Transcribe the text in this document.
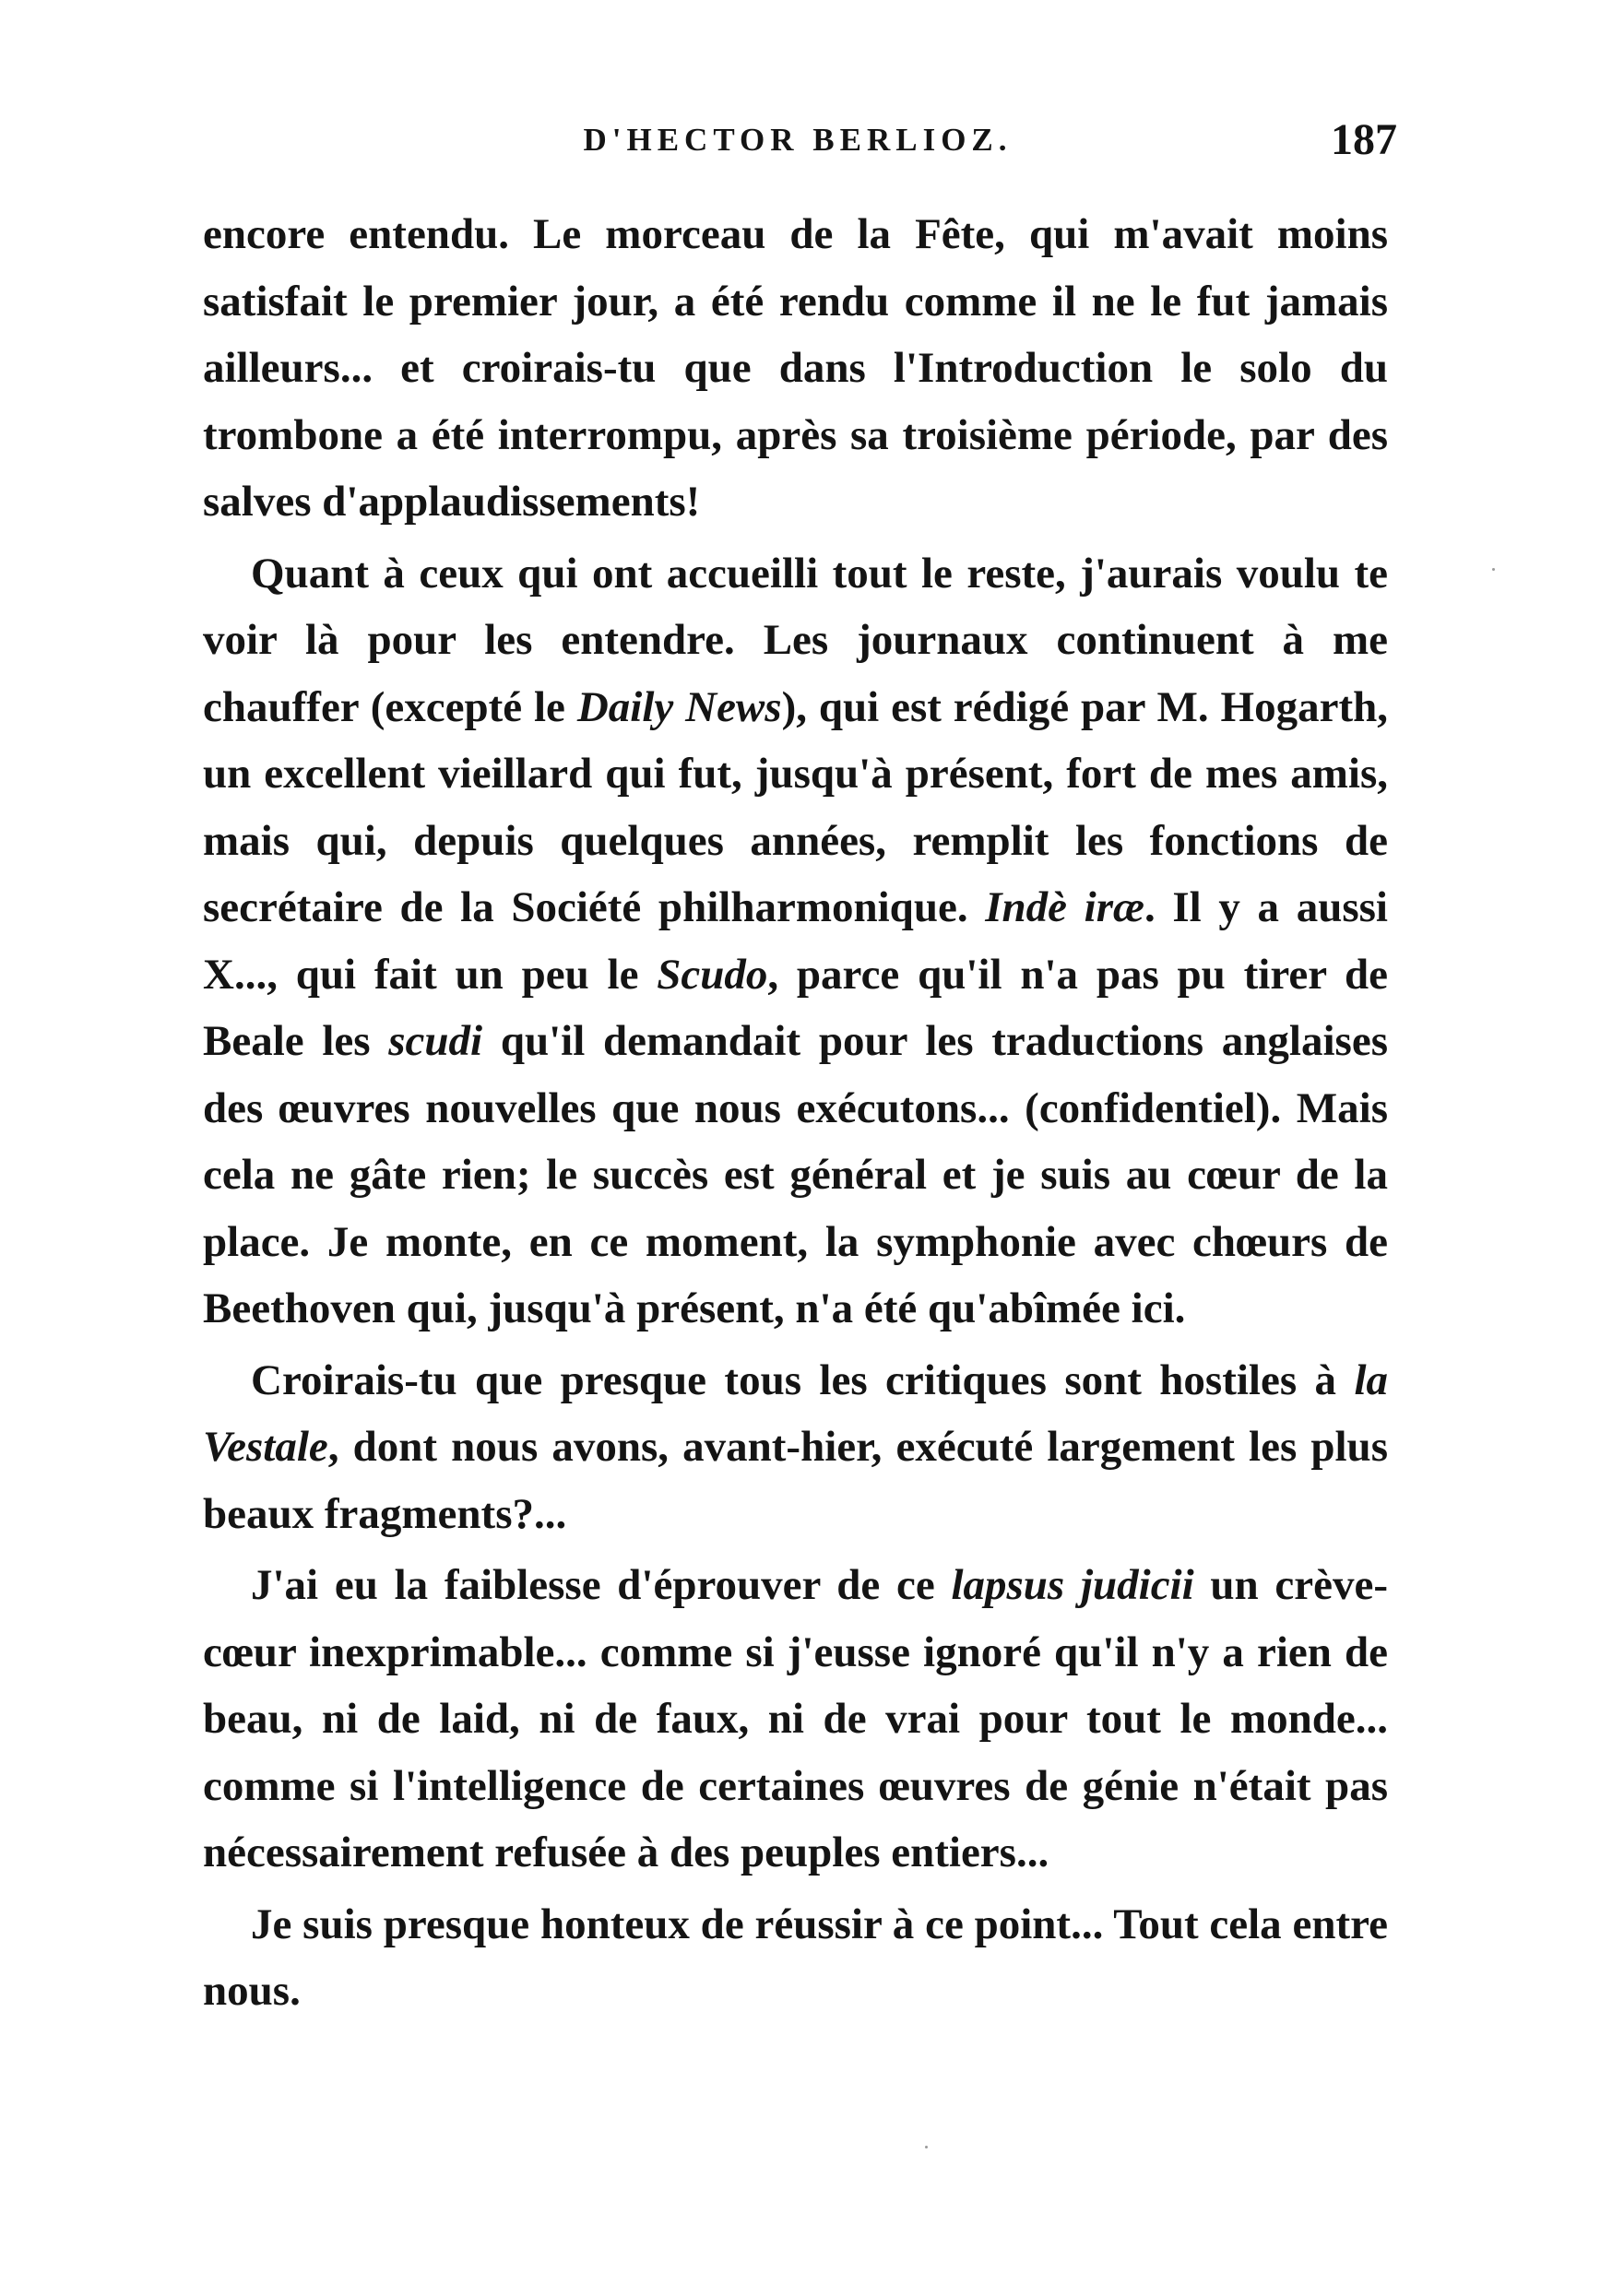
D'HECTOR BERLIOZ.	187

encore entendu. Le morceau de la Fête, qui m'avait moins satisfait le premier jour, a été rendu comme il ne le fut jamais ailleurs... et croirais-tu que dans l'Introduction le solo du trombone a été interrompu, après sa troisième période, par des salves d'applaudissements!

Quant à ceux qui ont accueilli tout le reste, j'aurais voulu te voir là pour les entendre. Les journaux continuent à me chauffer (excepté le Daily News), qui est rédigé par M. Hogarth, un excellent vieillard qui fut, jusqu'à présent, fort de mes amis, mais qui, depuis quelques années, remplit les fonctions de secrétaire de la Société philharmonique. Indè iræ. Il y a aussi X..., qui fait un peu le Scudo, parce qu'il n'a pas pu tirer de Beale les scudi qu'il demandait pour les traductions anglaises des œuvres nouvelles que nous exécutons... (confidentiel). Mais cela ne gâte rien; le succès est général et je suis au cœur de la place. Je monte, en ce moment, la symphonie avec chœurs de Beethoven qui, jusqu'à présent, n'a été qu'abîmée ici.

Croirais-tu que presque tous les critiques sont hostiles à la Vestale, dont nous avons, avant-hier, exécuté largement les plus beaux fragments?...

J'ai eu la faiblesse d'éprouver de ce lapsus judicii un crève-cœur inexprimable... comme si j'eusse ignoré qu'il n'y a rien de beau, ni de laid, ni de faux, ni de vrai pour tout le monde... comme si l'intelligence de certaines œuvres de génie n'était pas nécessairement refusée à des peuples entiers...

Je suis presque honteux de réussir à ce point... Tout cela entre nous.
